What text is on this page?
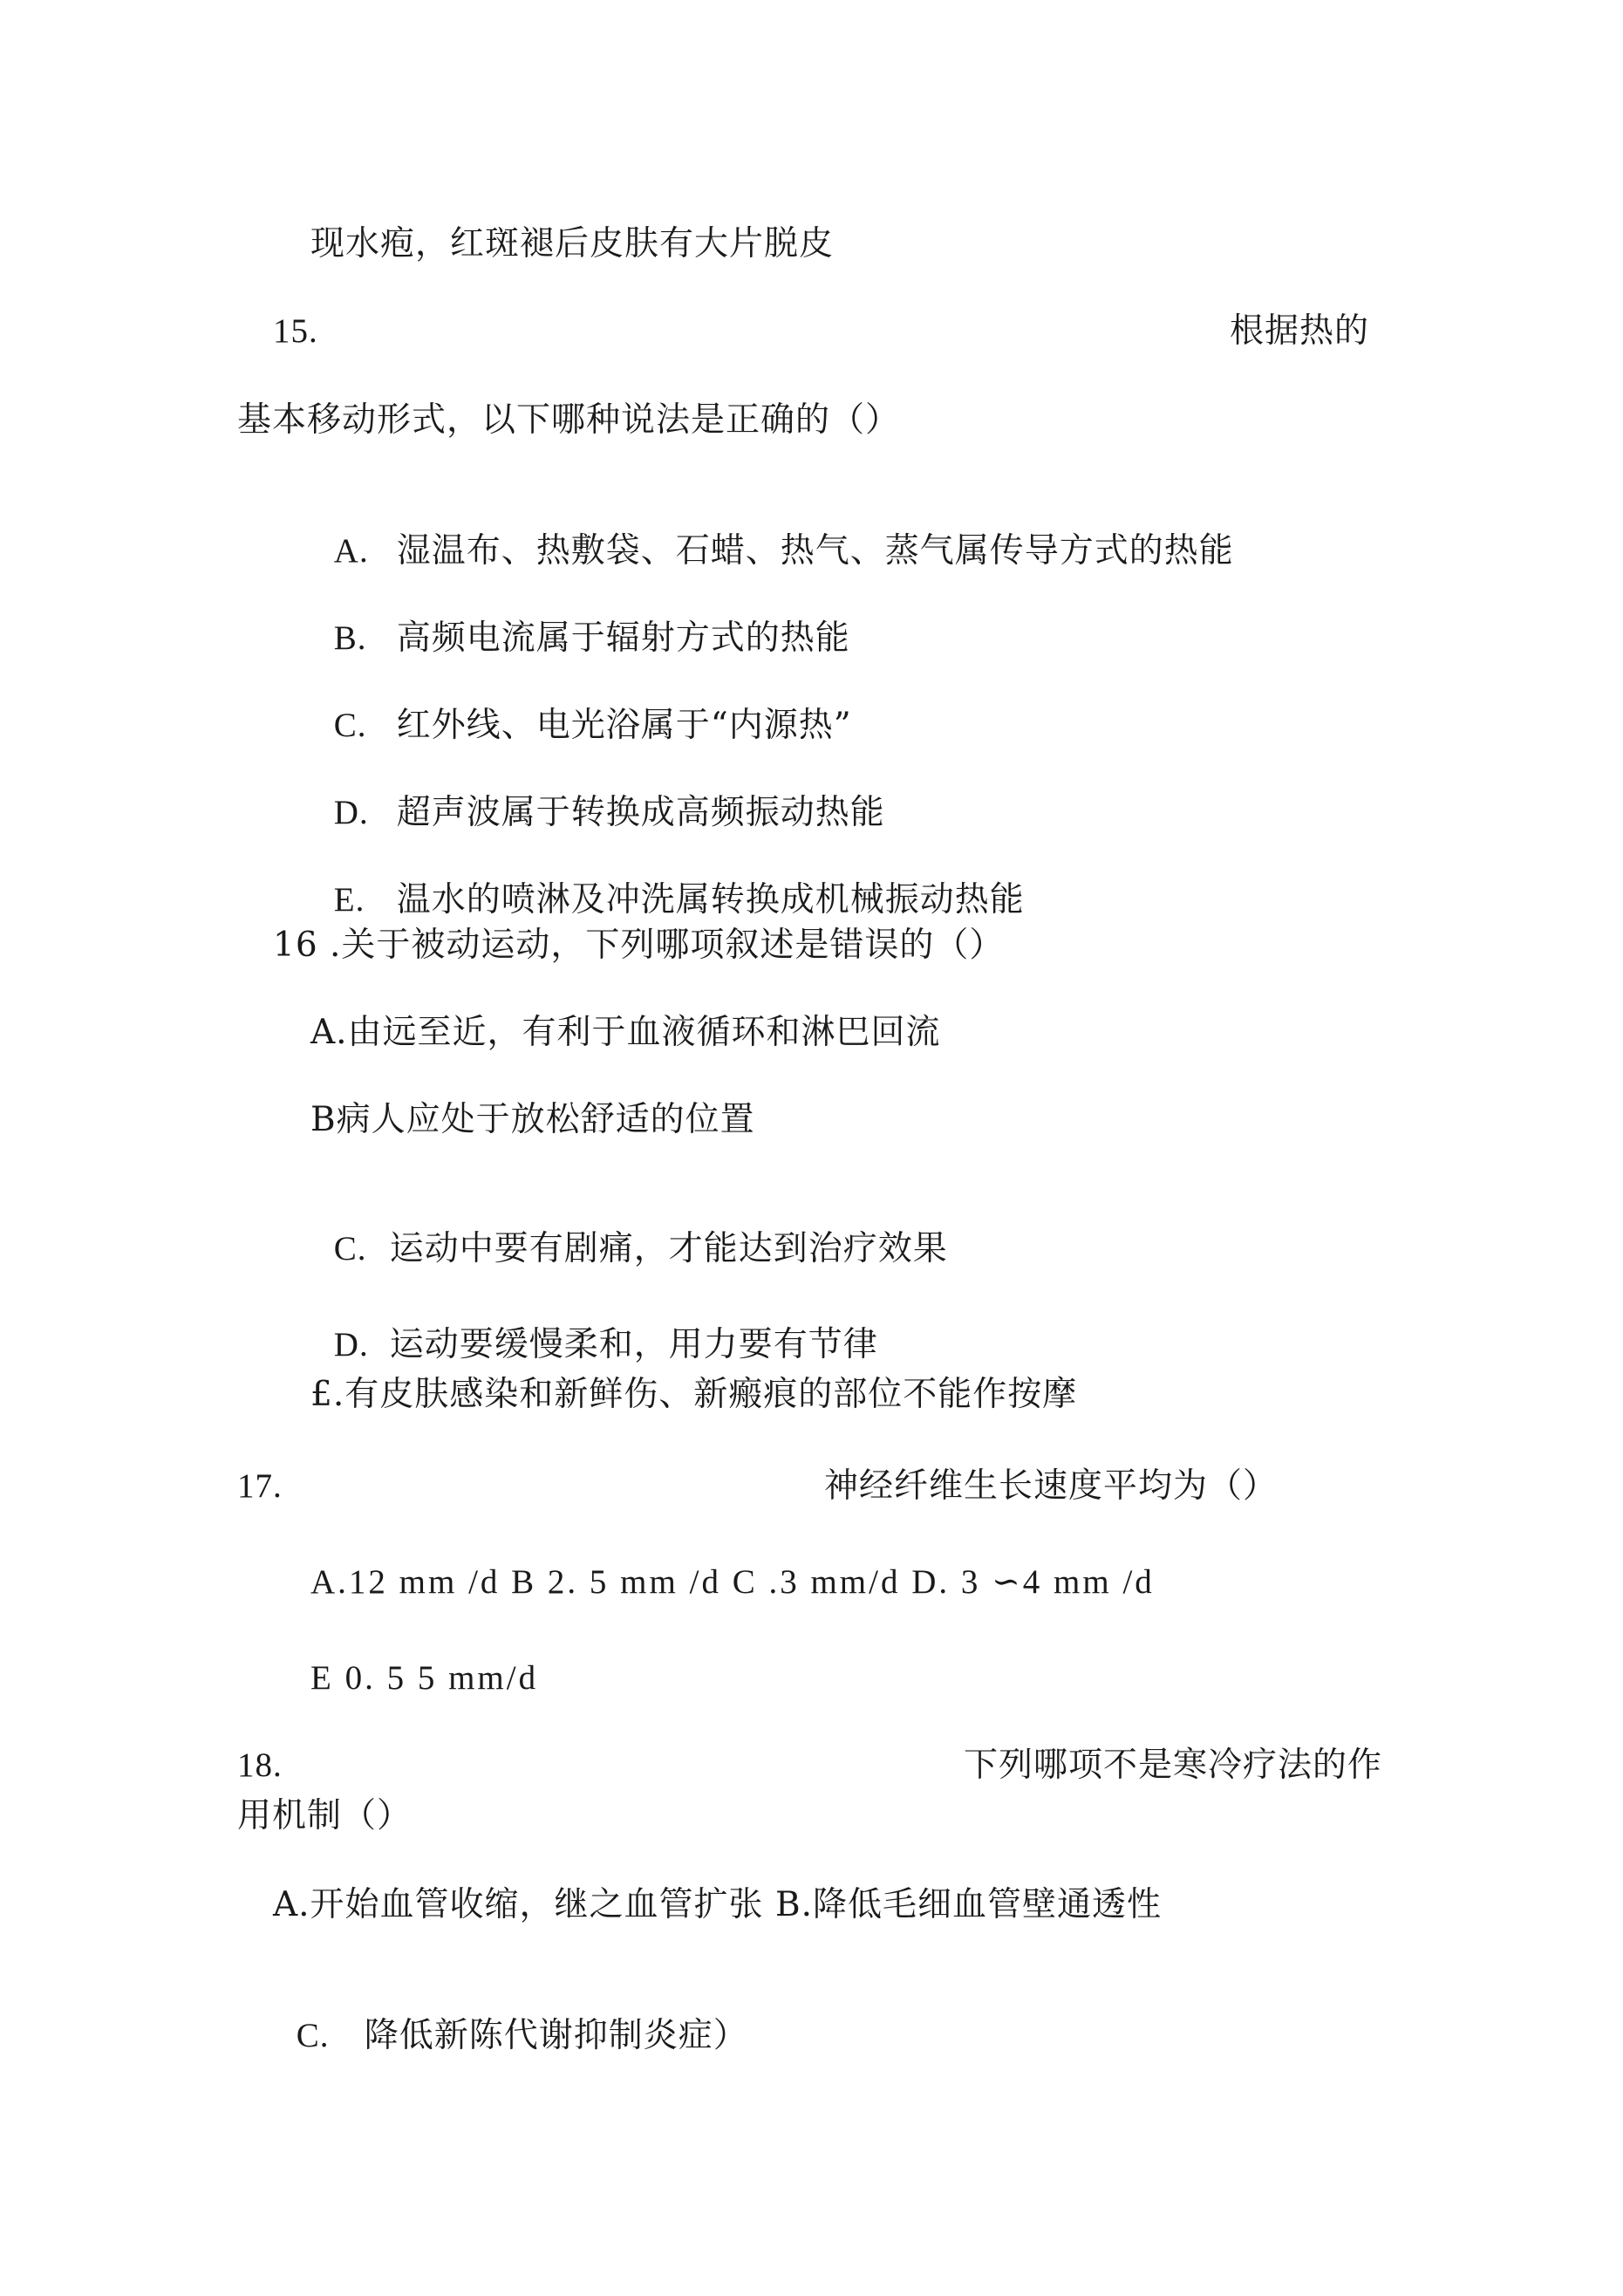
现水疱，红斑褪后皮肤有大片脱皮
15.	根据热的
基本移动形式，以下哪种说法是正确的（）

A. 湿温布、热敷袋、石蜡、热气、蒸气属传导方式的热能

B. 高频电流属于辐射方式的热能

C. 红外线、电光浴属于“内源热”

D. 超声波属于转换成高频振动热能

E. 温水的喷淋及冲洗属转换成机械振动热能

16 .关于被动运动，下列哪项叙述是错误的（）
A.由远至近，有利于血液循环和淋巴回流
B病人应处于放松舒适的位置

C. 运动中要有剧痛，才能达到治疗效果

D. 运动要缓慢柔和，用力要有节律

£.有皮肤感染和新鲜伤、新瘢痕的部位不能作按摩
17.	神经纤维生长速度平均为（）
A.12 mm /d B 2. 5 mm /d C .3 mm/d D. 3 ∽4 mm /d
E 0. 5 5 mm/d
18.	下列哪项不是寒冷疗法的作
用机制（）
A.开始血管收缩，继之血管扩张 B.降低毛细血管壁通透性

C. 降低新陈代谢抑制炎症）
